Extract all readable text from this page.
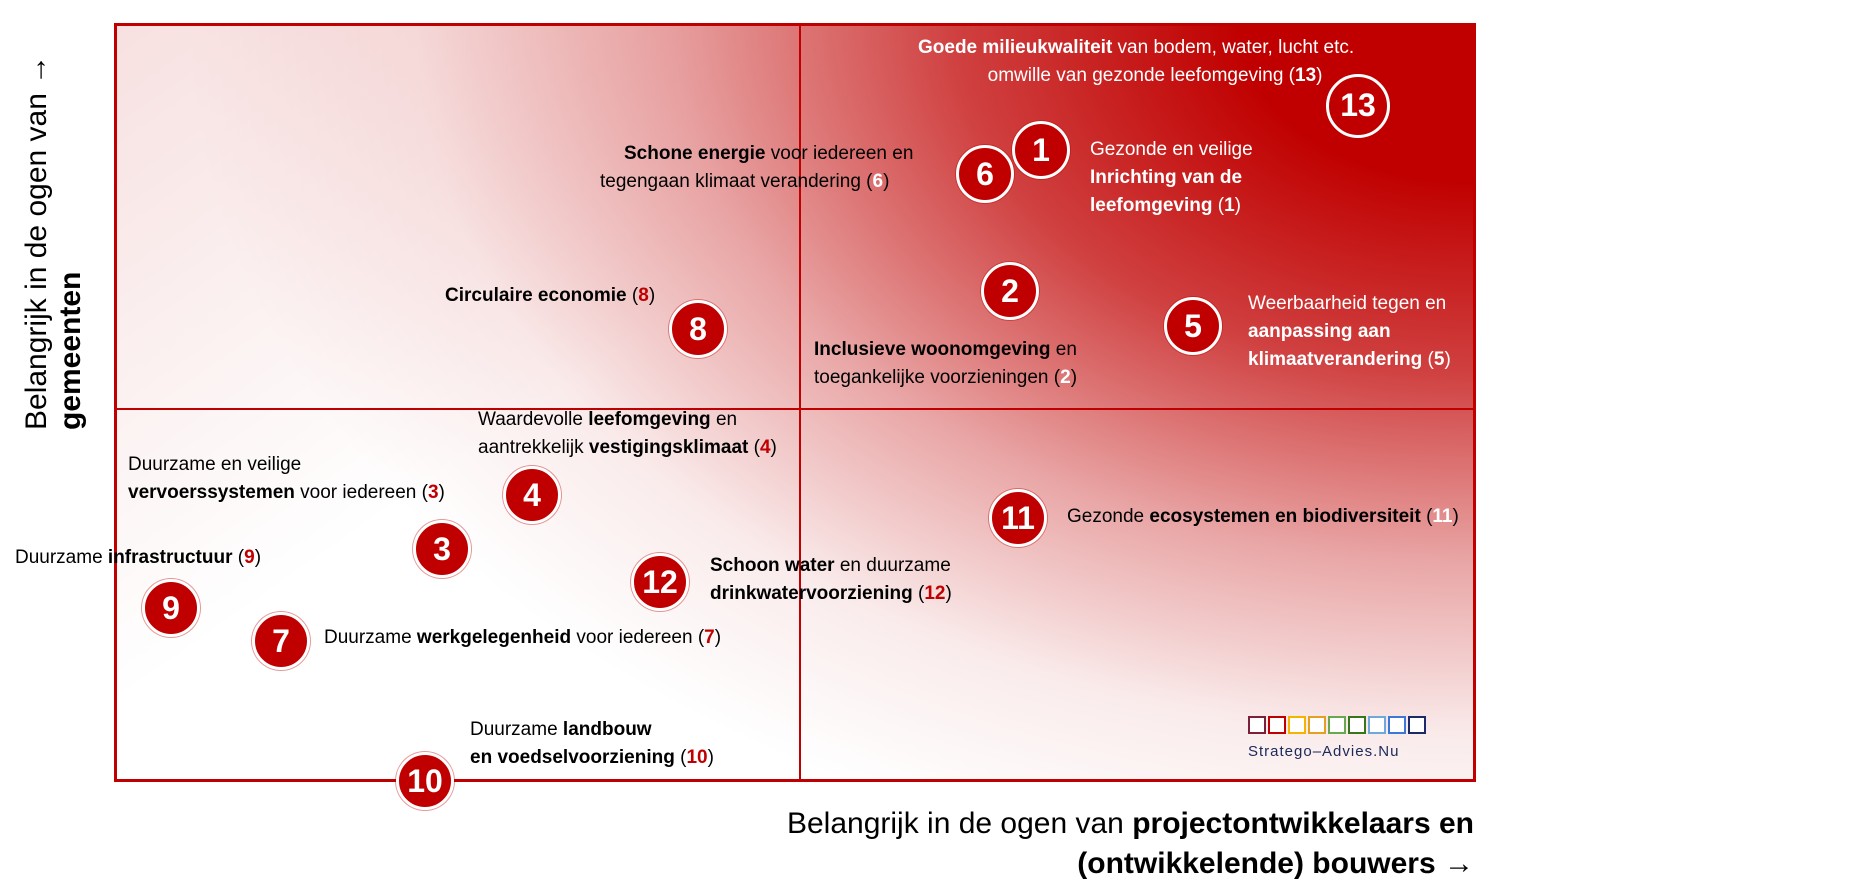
Belangrijk in de ogen van →
gemeenten
Goede milieukwaliteit van bodem, water, lucht etc.
omwille van gezonde leefomgeving (13)
13
1	Gezonde en veilige
Inrichting van de
leefomgeving (1)
6
Schone energie voor iedereen en
tegengaan klimaat verandering (6)
2
Inclusieve woonomgeving en
toegankelijke voorzieningen (2)
5
Weerbaarheid tegen en
aanpassing aan
klimaatverandering (5)
Circulaire economie (8)
8
Waardevolle leefomgeving en
aantrekkelijk vestigingsklimaat (4)
4
Duurzame en veilige
vervoerssystemen voor iedereen (3)
3
11	Gezonde ecosystemen en biodiversiteit (11)
Duurzame infrastructuur (9)
9
12	Schoon water en duurzame
drinkwatervoorziening (12)
7	Duurzame werkgelegenheid voor iedereen (7)
Duurzame landbouw
en voedselvoorziening (10)
10
Stratego–Advies.Nu
Belangrijk in de ogen van projectontwikkelaars en
(ontwikkelende) bouwers →
